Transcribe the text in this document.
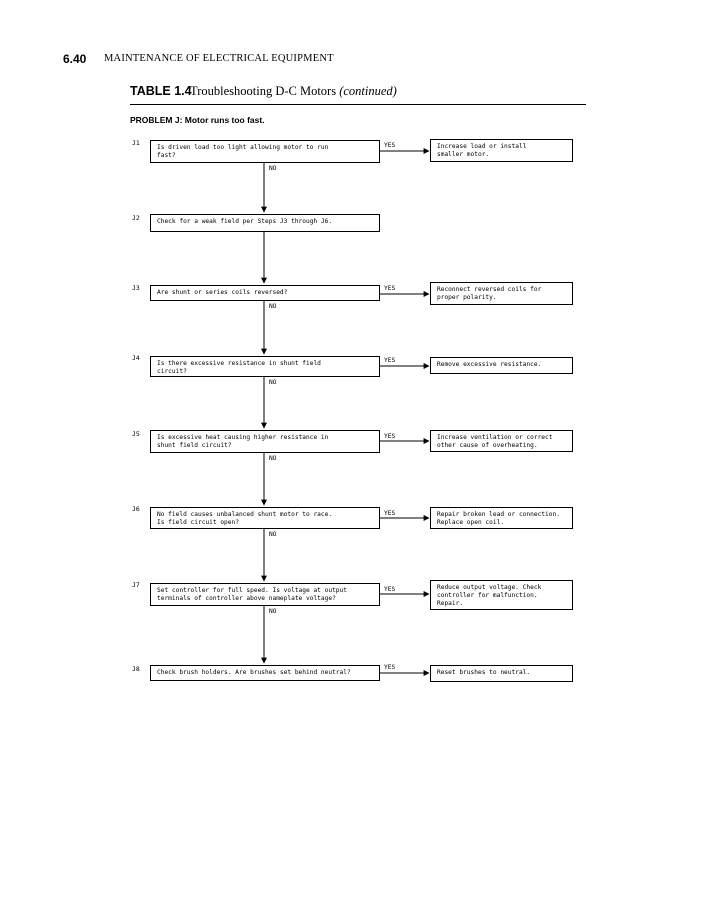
6.40 MAINTENANCE OF ELECTRICAL EQUIPMENT
TABLE 1.4
Troubleshooting D-C Motors (continued)
PROBLEM J: Motor runs too fast.
J1
J2
J3
J4
J5
J6
J7
J8
Is driven load too light allowing motor to run
fast?
Check for a weak field per Steps J3 through J6.
Are shunt or series coils reversed?
Is there excessive resistance in shunt field
circuit?
Is excessive heat causing higher resistance in
shunt field circuit?
No field causes unbalanced shunt motor to race.
Is field circuit open?
Set controller for full speed. Is voltage at output
terminals of controller above nameplate voltage?
Check brush holders. Are brushes set behind neutral?
Increase load or install
smaller motor.
Reconnect reversed coils for
proper polarity.
Remove excessive resistance.
Increase ventilation or correct
other cause of overheating.
Repair broken lead or connection.
Replace open coil.
Reduce output voltage. Check
controller for malfunction.
Repair.
Reset brushes to neutral.
YES
YES
YES
YES
YES
YES
YES
NO
NO
NO
NO
NO
NO
